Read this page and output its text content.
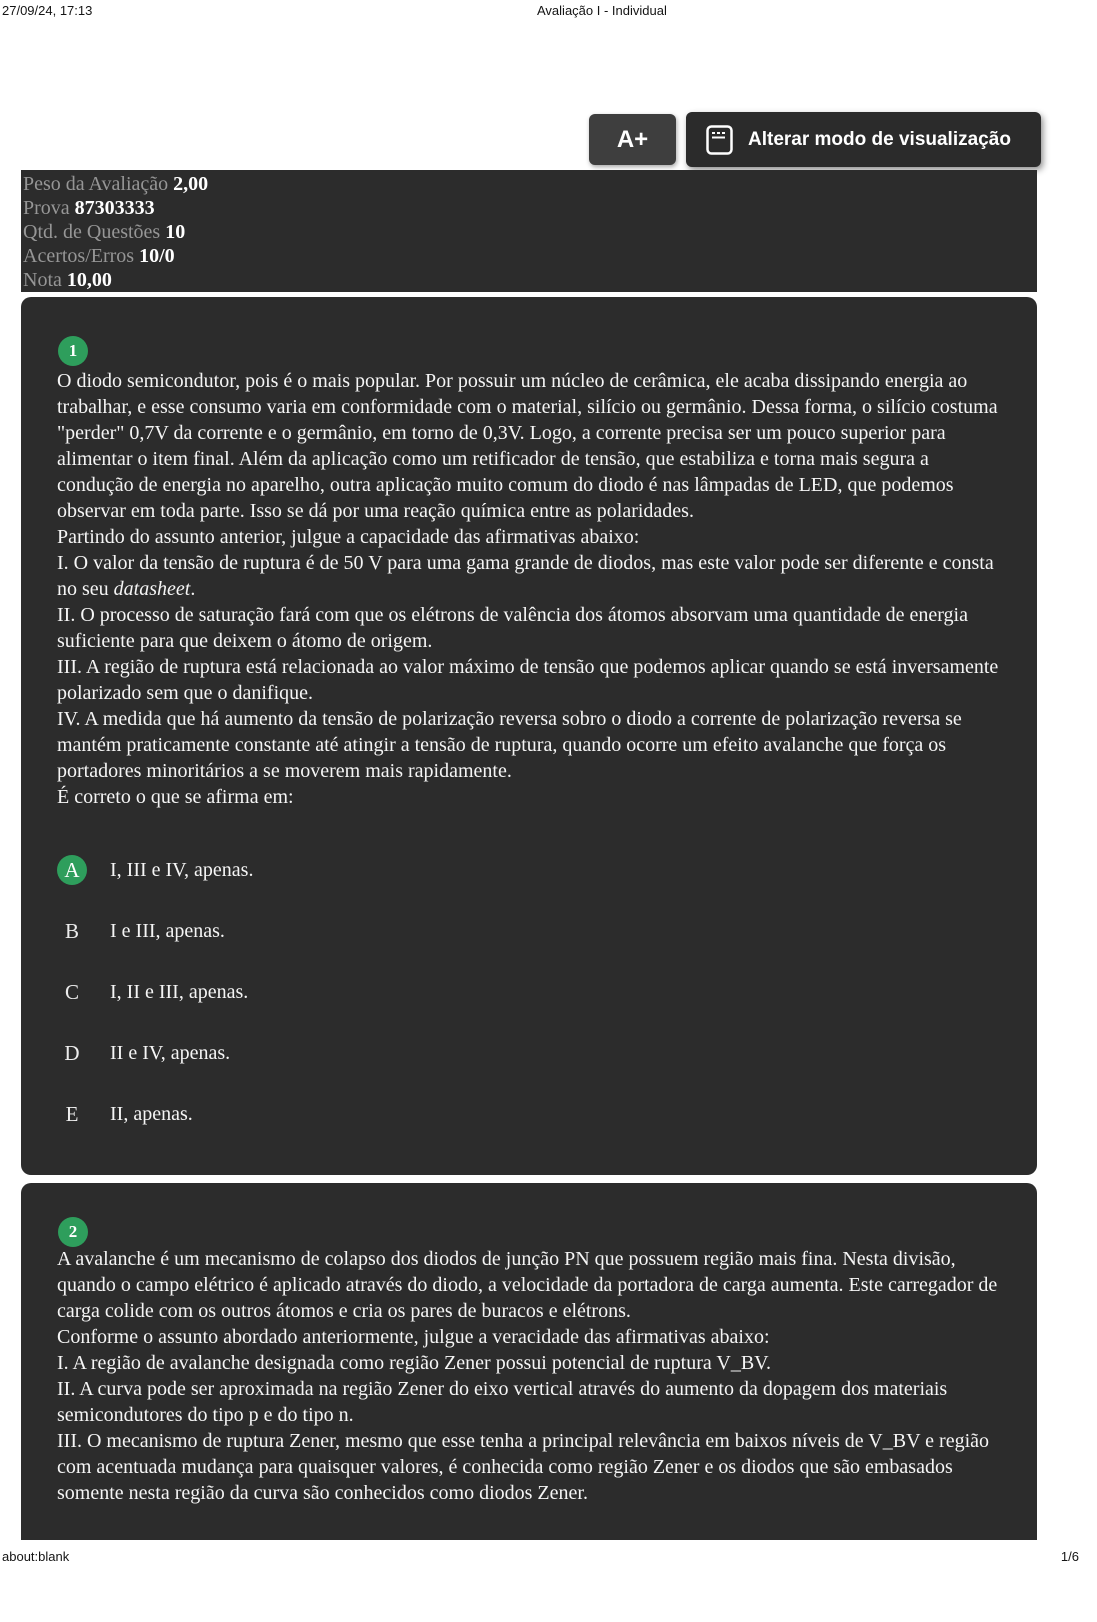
27/09/24, 17:13	Avaliação I - Individual
A+	Alterar modo de visualização
Peso da Avaliação 2,00
Prova 87303333
Qtd. de Questões 10
Acertos/Erros 10/0
Nota 10,00
1
O diodo semicondutor, pois é o mais popular. Por possuir um núcleo de cerâmica, ele acaba dissipando energia ao trabalhar, e esse consumo varia em conformidade com o material, silício ou germânio. Dessa forma, o silício costuma "perder" 0,7V da corrente e o germânio, em torno de 0,3V. Logo, a corrente precisa ser um pouco superior para alimentar o item final. Além da aplicação como um retificador de tensão, que estabiliza e torna mais segura a condução de energia no aparelho, outra aplicação muito comum do diodo é nas lâmpadas de LED, que podemos observar em toda parte. Isso se dá por uma reação química entre as polaridades.
Partindo do assunto anterior, julgue a capacidade das afirmativas abaixo:
I. O valor da tensão de ruptura é de 50 V para uma gama grande de diodos, mas este valor pode ser diferente e consta no seu datasheet.
II. O processo de saturação fará com que os elétrons de valência dos átomos absorvam uma quantidade de energia suficiente para que deixem o átomo de origem.
III. A região de ruptura está relacionada ao valor máximo de tensão que podemos aplicar quando se está inversamente polarizado sem que o danifique.
IV. A medida que há aumento da tensão de polarização reversa sobro o diodo a corrente de polarização reversa se mantém praticamente constante até atingir a tensão de ruptura, quando ocorre um efeito avalanche que força os portadores minoritários a se moverem mais rapidamente.
É correto o que se afirma em:
A	I, III e IV, apenas.
B	I e III, apenas.
C	I, II e III, apenas.
D	II e IV, apenas.
E	II, apenas.
2
A avalanche é um mecanismo de colapso dos diodos de junção PN que possuem região mais fina. Nesta divisão, quando o campo elétrico é aplicado através do diodo, a velocidade da portadora de carga aumenta. Este carregador de carga colide com os outros átomos e cria os pares de buracos e elétrons.
Conforme o assunto abordado anteriormente, julgue a veracidade das afirmativas abaixo:
I. A região de avalanche designada como região Zener possui potencial de ruptura V_BV.
II. A curva pode ser aproximada na região Zener do eixo vertical através do aumento da dopagem dos materiais semicondutores do tipo p e do tipo n.
III. O mecanismo de ruptura Zener, mesmo que esse tenha a principal relevância em baixos níveis de V_BV e região com acentuada mudança para quaisquer valores, é conhecida como região Zener e os diodos que são embasados somente nesta região da curva são conhecidos como diodos Zener.
about:blank	1/6
